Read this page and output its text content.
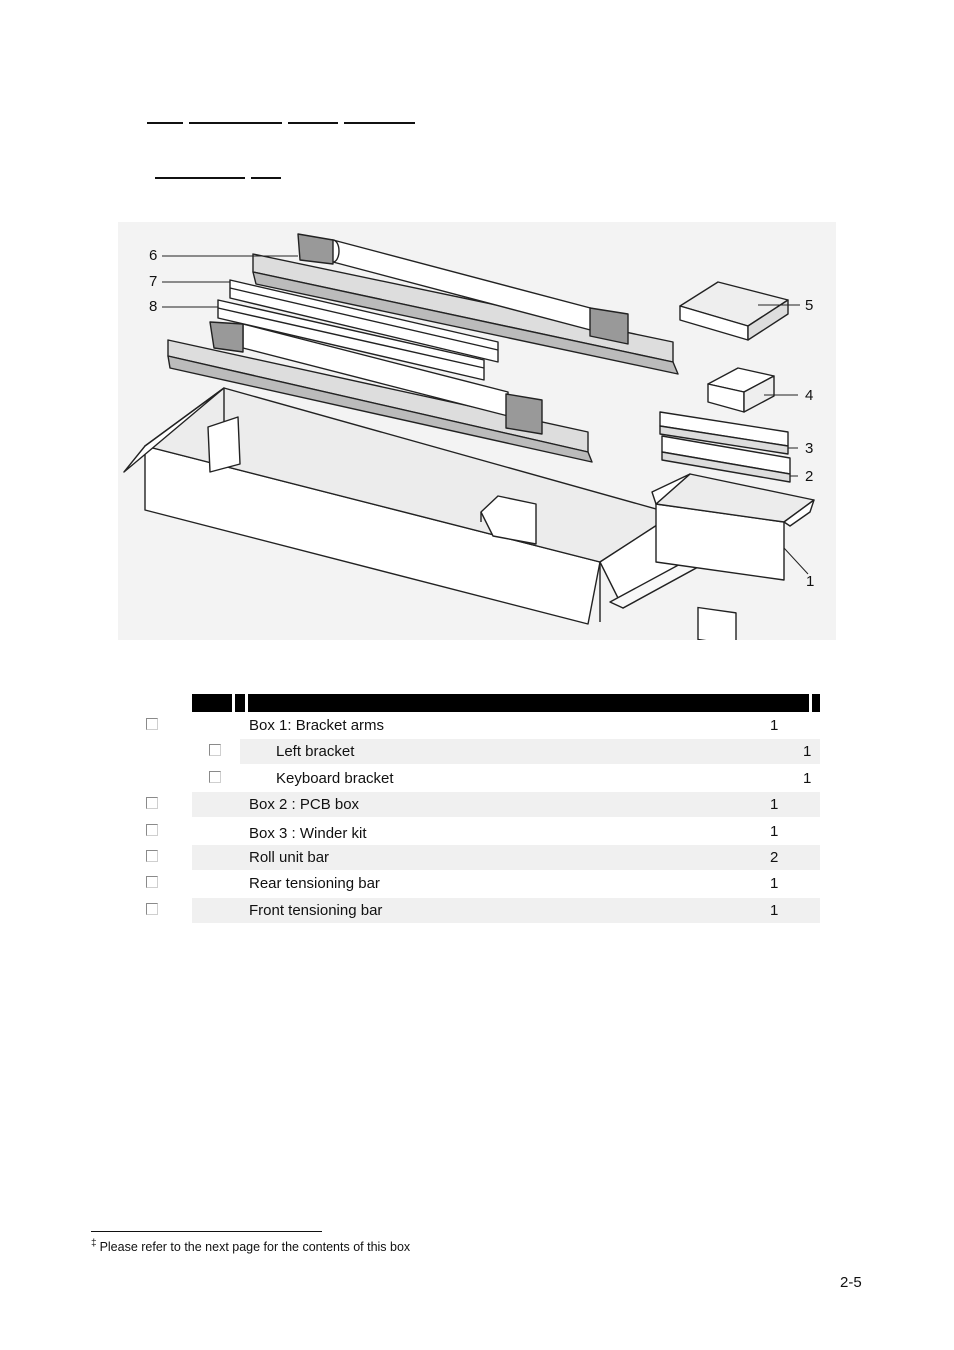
6
7
8	5
4
3
2
1
Box 1: Bracket arms	1
Left bracket	1
Keyboard bracket	1
Box 2 : PCB box	1
Box 3 : Winder kit	1
Roll unit bar	2
Rear tensioning bar	1
Front tensioning bar	1
‡ Please refer to the next page for the contents of this box
2-5
